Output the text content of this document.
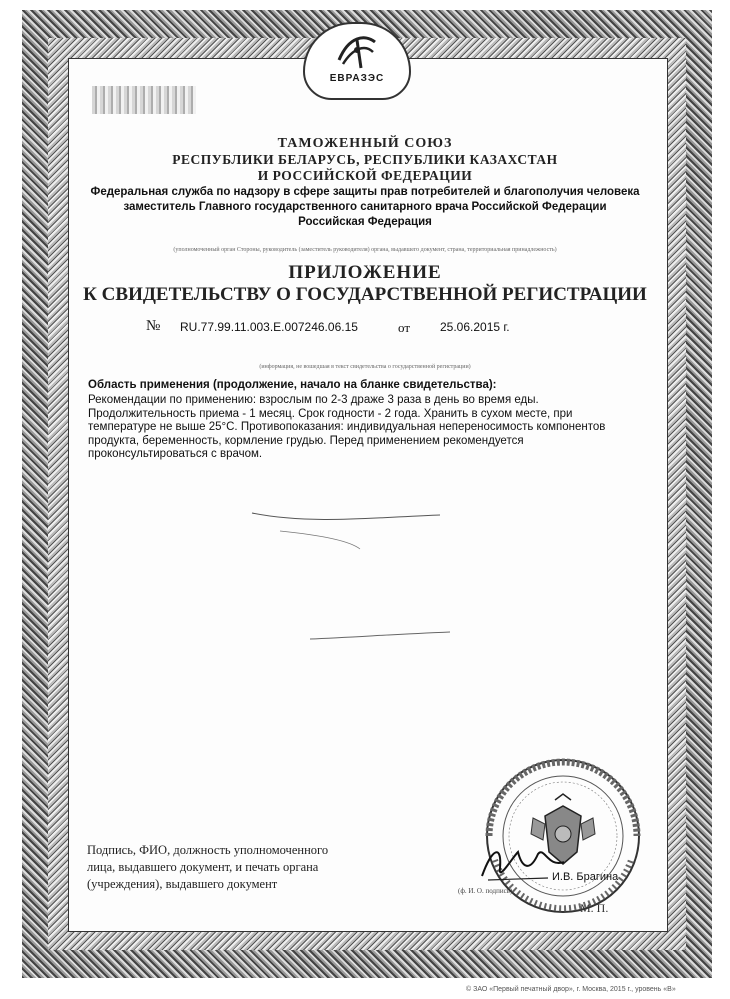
ЕВРАЗЭС
ТАМОЖЕННЫЙ СОЮЗ
РЕСПУБЛИКИ БЕЛАРУСЬ, РЕСПУБЛИКИ КАЗАХСТАН
И РОССИЙСКОЙ ФЕДЕРАЦИИ
Федеральная служба по надзору в сфере защиты прав потребителей и благополучия человека
заместитель Главного государственного санитарного врача Российской Федерации
Российская Федерация
(уполномоченный орган Стороны, руководитель (заместитель руководителя) органа, выдавшего документ, страна, территориальная принадлежность)
ПРИЛОЖЕНИЕ
К СВИДЕТЕЛЬСТВУ О ГОСУДАРСТВЕННОЙ РЕГИСТРАЦИИ
№ RU.77.99.11.003.E.007246.06.15	от 25.06.2015 г.
(информация, не вошедшая в текст свидетельства о государственной регистрации)
Область применения (продолжение, начало на бланке свидетельства):
Рекомендации по применению: взрослым по 2-3 драже 3 раза в день во время еды. Продолжительность приема - 1 месяц. Срок годности - 2 года. Хранить в сухом месте, при температуре не выше 25°С. Противопоказания: индивидуальная непереносимость компонентов продукта, беременность, кормление грудью. Перед применением рекомендуется проконсультироваться с врачом.
Подпись, ФИО, должность уполномоченного
лица, выдавшего документ, и печать органа
(учреждения), выдавшего документ	И.В. Брагина
(ф. И. О. подпись)
М. П.
© ЗАО «Первый печатный двор», г. Москва, 2015 г., уровень «В»
